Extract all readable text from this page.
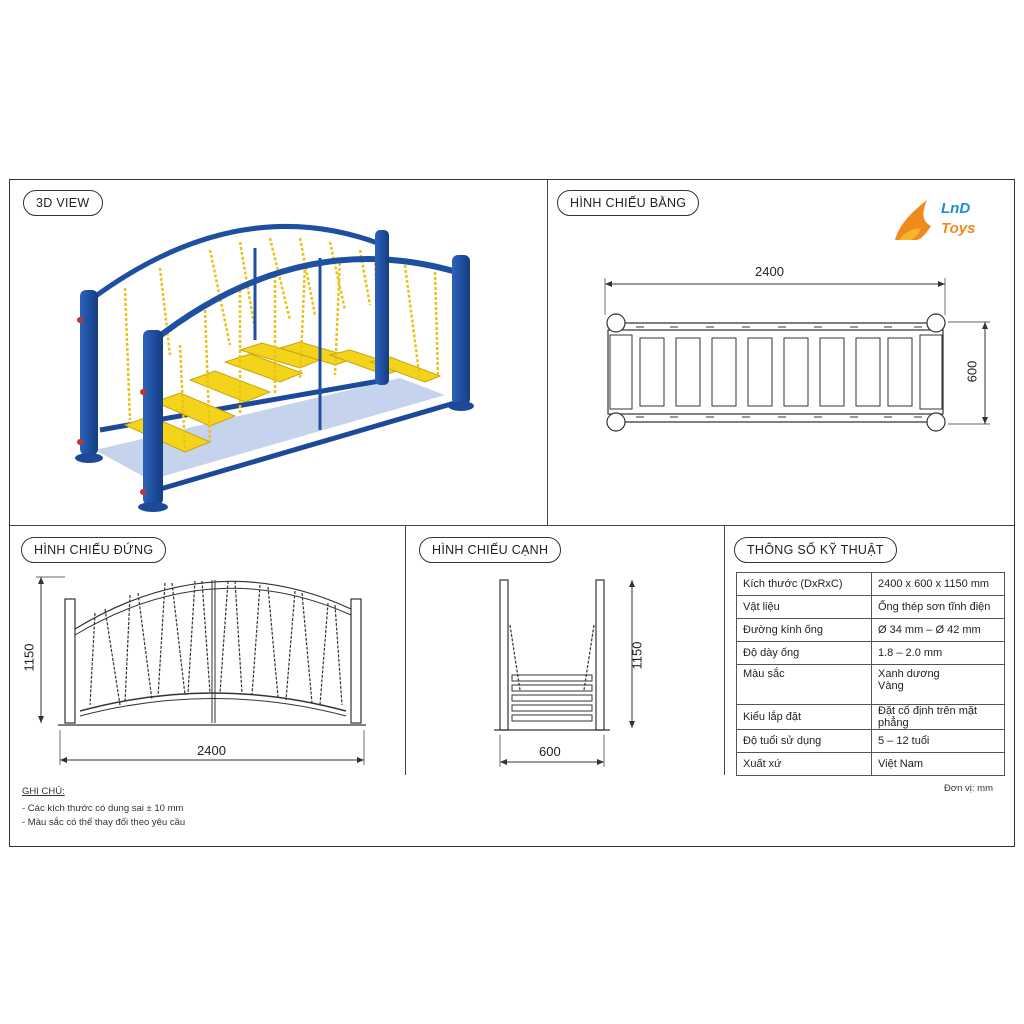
3D VIEW	HÌNH CHIẾU BẰNG
HÌNH CHIẾU ĐỨNG	HÌNH CHIẾU CẠNH	THÔNG SỐ KỸ THUẬT
LnD
Toys
2400
600
1150
2400
1150
600
Kích thước (DxRxC)	2400 x 600 x 1150 mm
Vật liệu	Ống thép sơn tĩnh điện
Đường kính ống	Ø 34 mm – Ø 42 mm
Độ dày ống	1.8 – 2.0 mm
Màu sắc	Xanh dương
Vàng

Kiểu lắp đặt	Đặt cố định trên mặt phẳng
Độ tuổi sử dụng	5 – 12 tuổi
Xuất xứ	Việt Nam
Đơn vị: mm
GHI CHÚ:
- Các kích thước có dung sai ± 10 mm
- Màu sắc có thể thay đổi theo yêu cầu
